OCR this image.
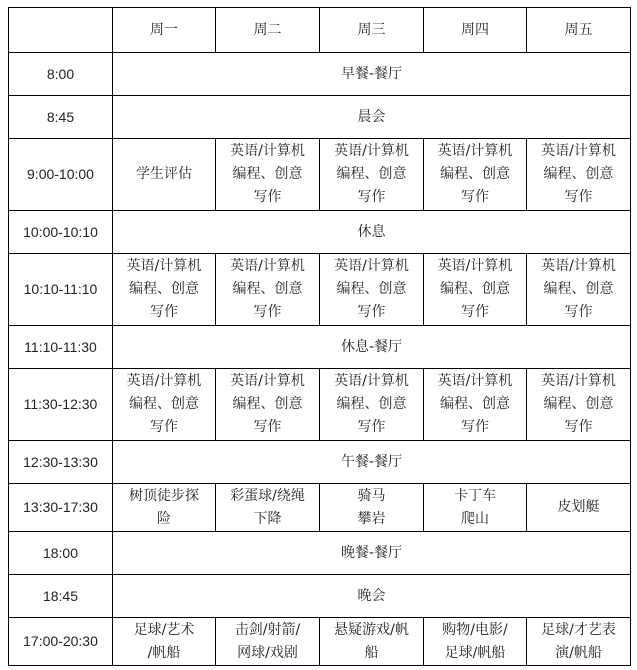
	周一	周二	周三	周四	周五
8:00	早餐-餐厅				
8:45	晨会				
9:00-10:00	学生评估	英语/计算机
编程、创意
写作	英语/计算机
编程、创意
写作	英语/计算机
编程、创意
写作	英语/计算机
编程、创意
写作
10:00-10:10	休息				
10:10-11:10	英语/计算机
编程、创意
写作	英语/计算机
编程、创意
写作	英语/计算机
编程、创意
写作	英语/计算机
编程、创意
写作	英语/计算机
编程、创意
写作
11:10-11:30	休息-餐厅				
11:30-12:30	英语/计算机
编程、创意
写作	英语/计算机
编程、创意
写作	英语/计算机
编程、创意
写作	英语/计算机
编程、创意
写作	英语/计算机
编程、创意
写作
12:30-13:30	午餐-餐厅				
13:30-17:30	树顶徒步探
险	彩蛋球/绕绳
下降	骑马
攀岩	卡丁车
爬山	皮划艇
18:00	晚餐-餐厅				
18:45	晚会				
17:00-20:30	足球/艺术
/帆船	击剑/射箭/
网球/戏剧	悬疑游戏/帆
船	购物/电影/
足球/帆船	足球/才艺表
演/帆船
